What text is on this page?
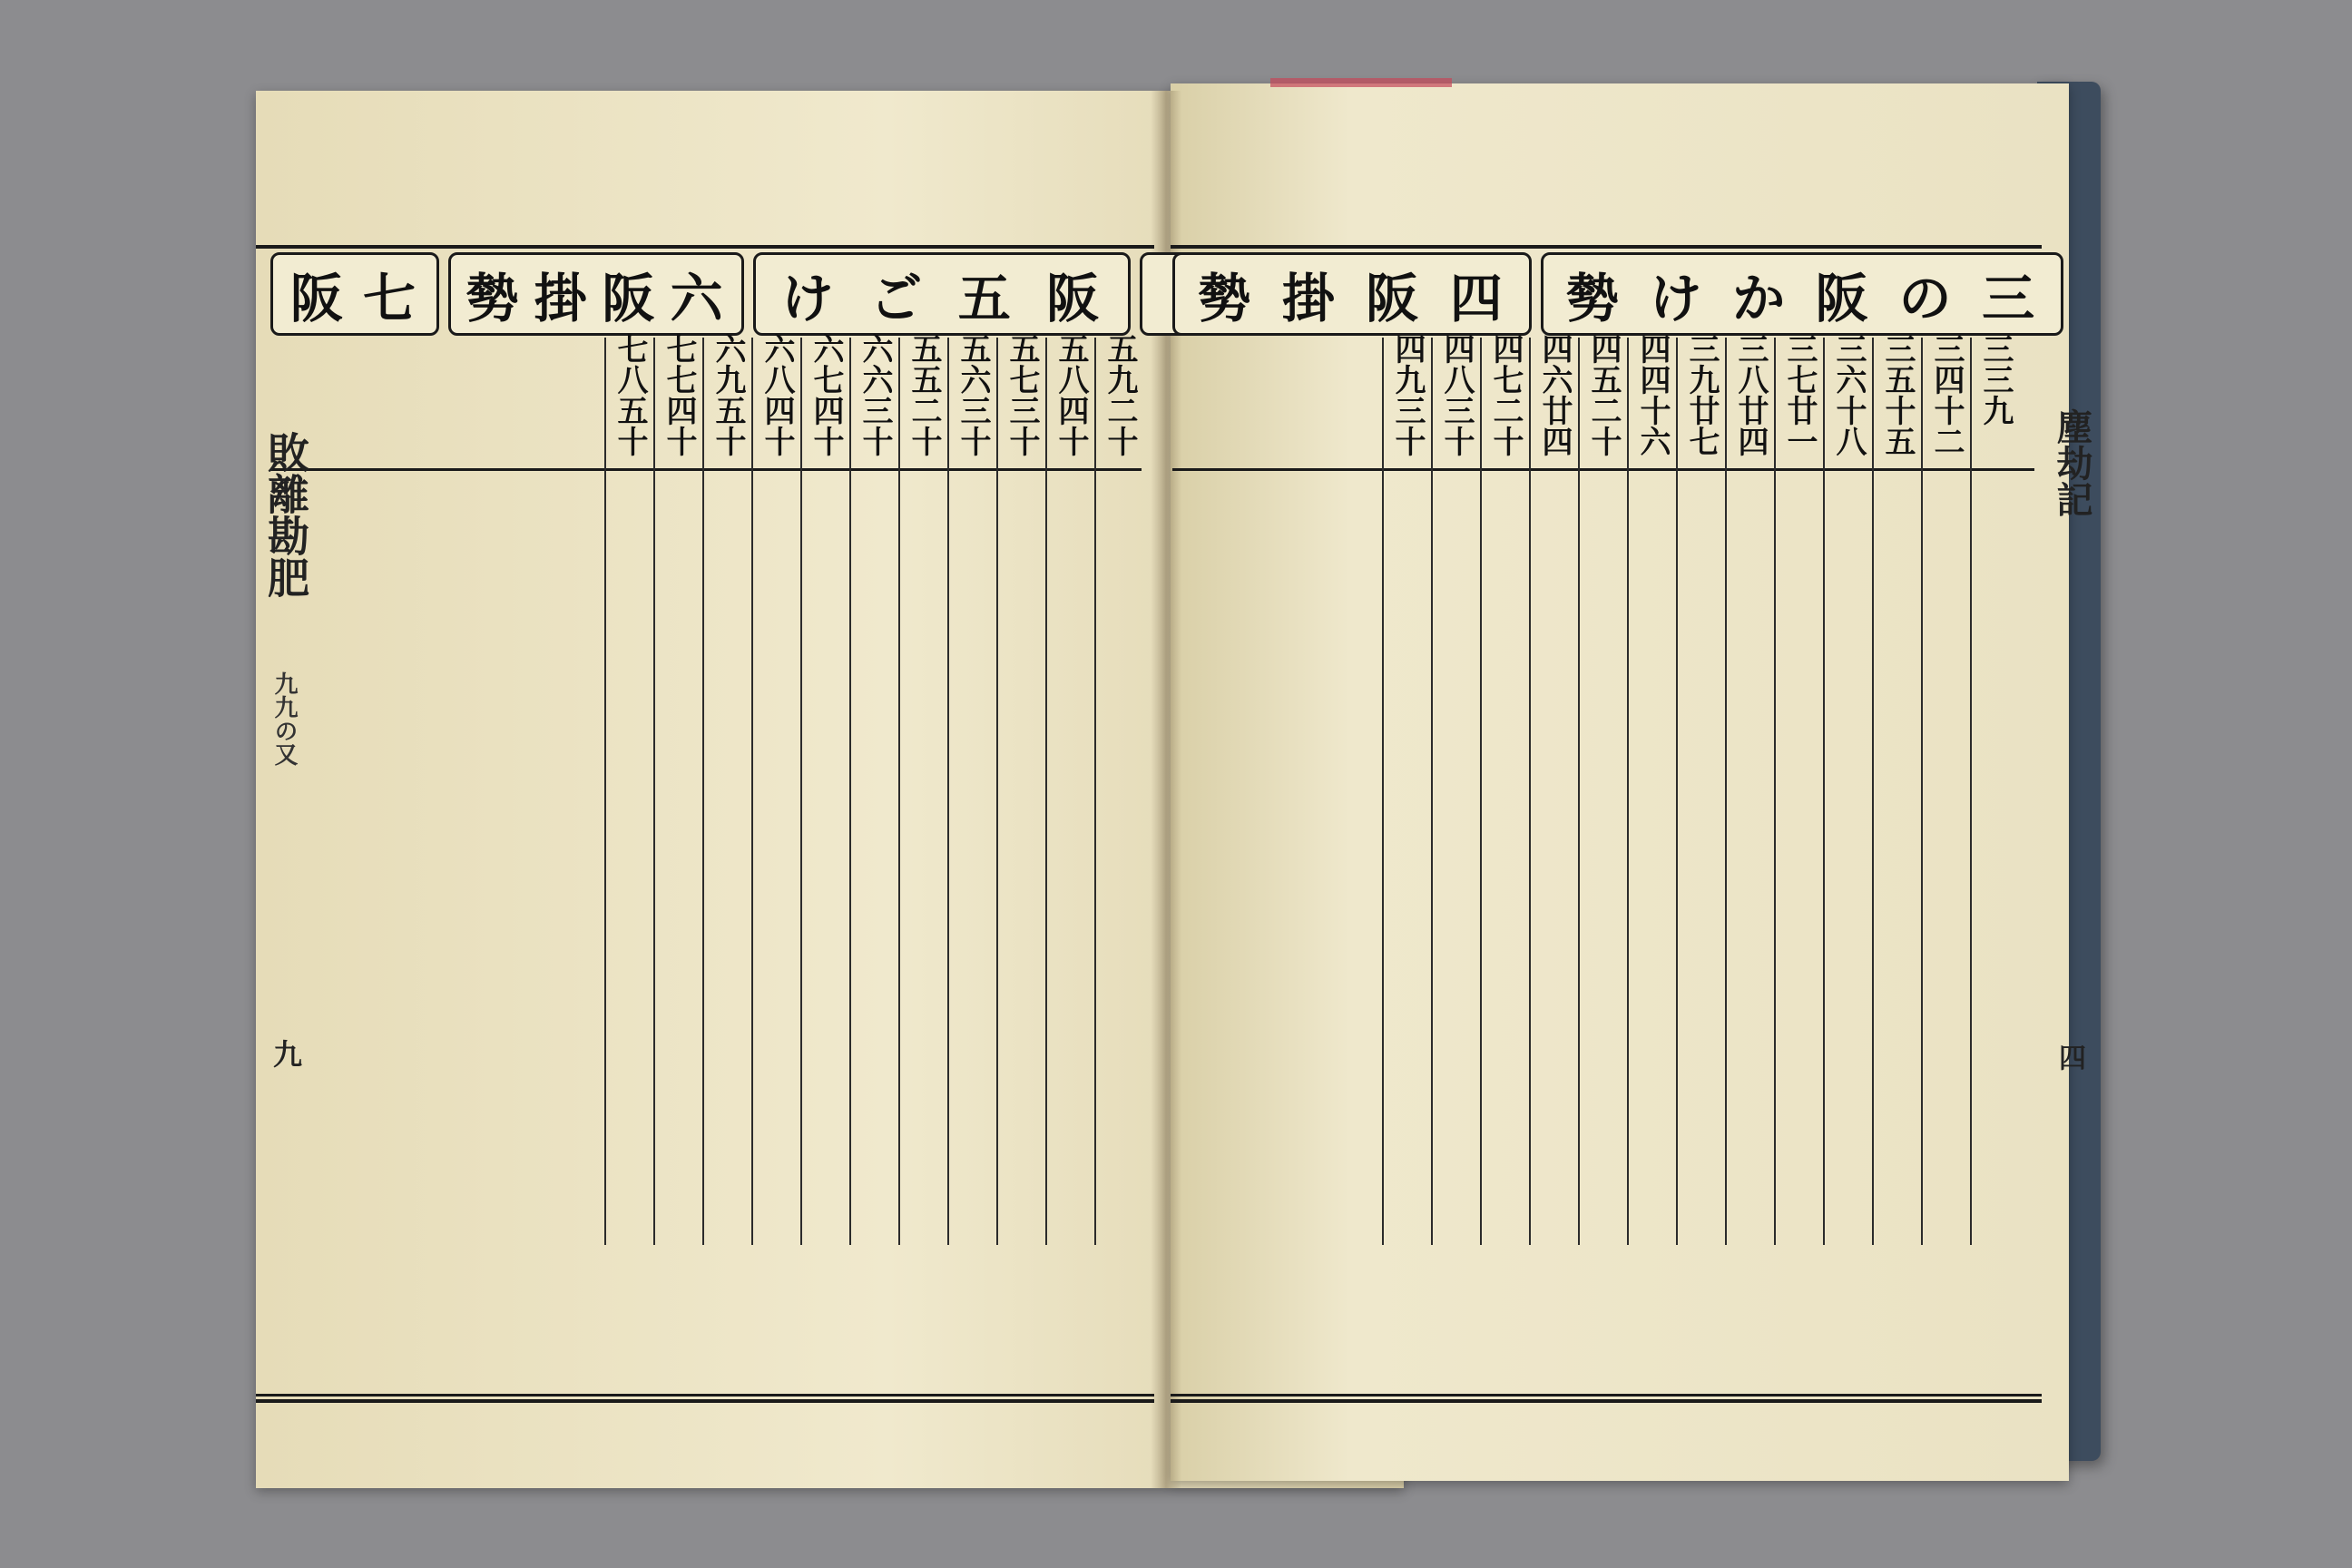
阪 七 勢 掛 阪 六 け ご 五 阪 勢 掛 阪 四 勢 け か 阪 の 三
五九二十
五八四十
五七三十
五六三十
五五二十
六六三十
六七四十
六八四十
六九五十
七七四十
七八五十
三三九
三四十二
三五十五
三六十八
三七廿一
三八廿四
三九廿七
四四十六
四五二十
四六廿四
四七二十
四八三十
四九三十
敗離勘肥
九九の又
九
塵劫記
四
